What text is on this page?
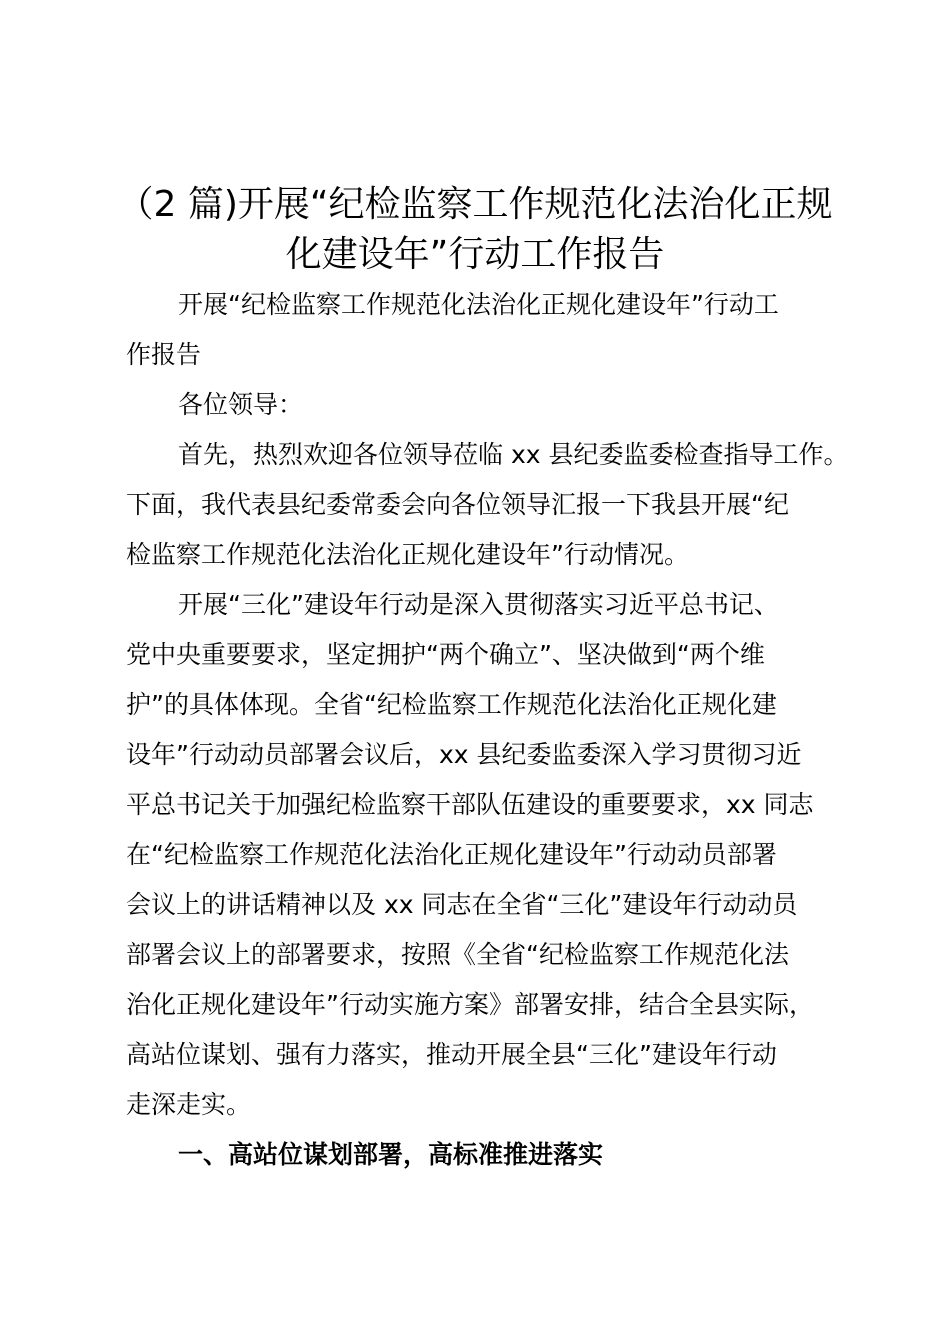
（2 篇)开展“纪检监察工作规范化法治化正规
化建设年”行动工作报告
开展“纪检监察工作规范化法治化正规化建设年”行动工
作报告
各位领导：
首先，热烈欢迎各位领导莅临 xx 县纪委监委检查指导工作。
下面，我代表县纪委常委会向各位领导汇报一下我县开展“纪
检监察工作规范化法治化正规化建设年”行动情况。
开展“三化”建设年行动是深入贯彻落实习近平总书记、
党中央重要要求，坚定拥护“两个确立”、坚决做到“两个维
护”的具体体现。全省“纪检监察工作规范化法治化正规化建
设年”行动动员部署会议后，xx 县纪委监委深入学习贯彻习近
平总书记关于加强纪检监察干部队伍建设的重要要求，xx 同志
在“纪检监察工作规范化法治化正规化建设年”行动动员部署
会议上的讲话精神以及 xx 同志在全省“三化”建设年行动动员
部署会议上的部署要求，按照《全省“纪检监察工作规范化法
治化正规化建设年”行动实施方案》部署安排，结合全县实际，
高站位谋划、强有力落实，推动开展全县“三化”建设年行动
走深走实。
一、高站位谋划部署，高标准推进落实
